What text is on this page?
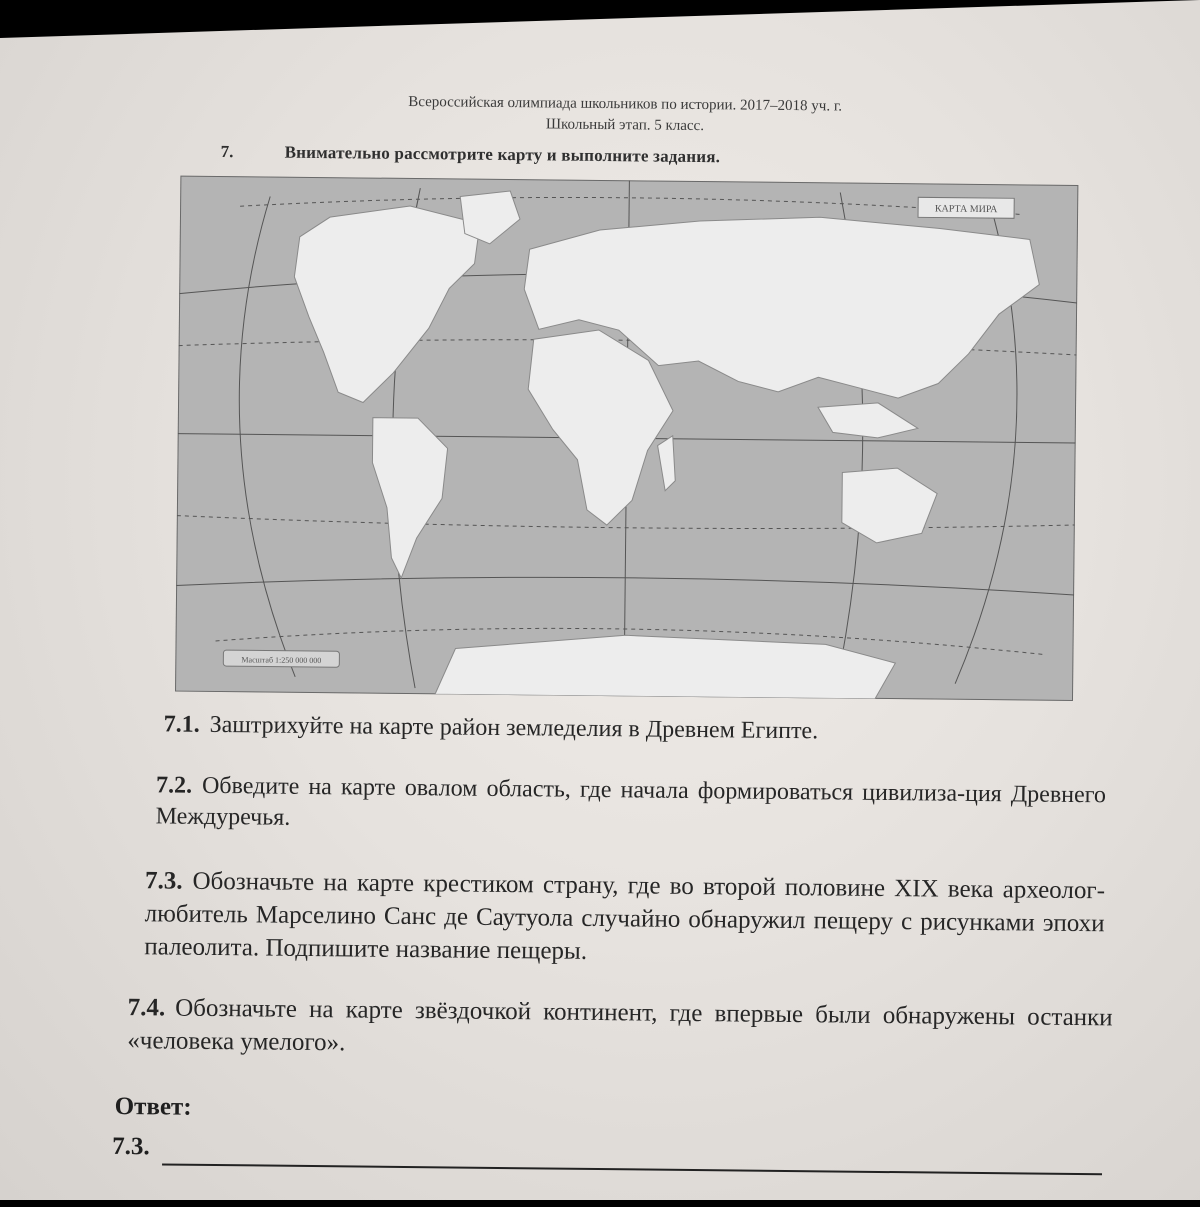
Всероссийская олимпиада школьников по истории. 2017–2018 уч. г.
Школьный этап. 5 класс.
7.	Внимательно рассмотрите карту и выполните задания.
КАРТА МИРА
Масштаб 1:250 000 000
7.1. Заштрихуйте на карте район земледелия в Древнем Египте.
7.2. Обведите на карте овалом область, где начала формироваться цивилиза-ция Древнего Междуречья.
7.3. Обозначьте на карте крестиком страну, где во второй половине XIX века археолог-любитель Марселино Санс де Саутуола случайно обнаружил пещеру с рисунками эпохи палеолита. Подпишите название пещеры.
7.4. Обозначьте на карте звёздочкой континент, где впервые были обнаружены останки «человека умелого».
Ответ:
7.3.
